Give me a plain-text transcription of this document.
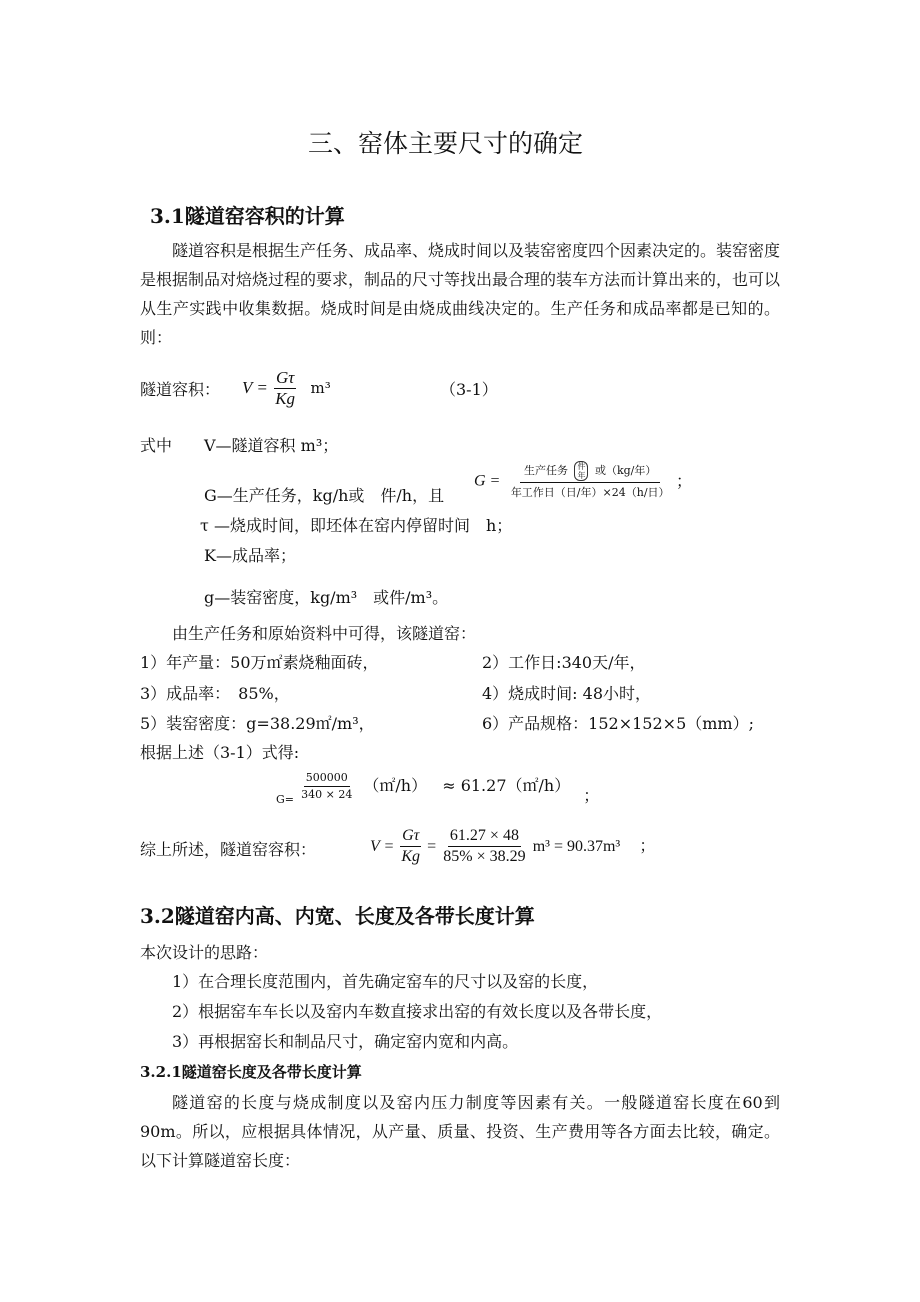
三、窑体主要尺寸的确定
3.1隧道窑容积的计算
隧道容积是根据生产任务、成品率、烧成时间以及装窑密度四个因素决定的。装窑密度是根据制品对焙烧过程的要求，制品的尺寸等找出最合理的装车方法而计算出来的，也可以从生产实践中收集数据。烧成时间是由烧成曲线决定的。生产任务和成品率都是已知的。则：
隧道容积： $V = \frac{G\tau}{Kg} m^3$	（3-1）
式中 V—隧道容积 m³；
G—生产任务，kg/h或　件/h，且
G = 生产任务 件
年 或（kg/年）
年工作日（日/年）×24（h/日） ；
τ —烧成时间，即坯体在窑内停留时间　h；
K—成品率；
g—装窑密度，kg/m³　或件/m³。
由生产任务和原始资料中可得，该隧道窑：
1）年产量：50万㎡素烧釉面砖，	2）工作日:340天/年，
3）成品率：　85%，	4）烧成时间: 48小时，
5）装窑密度：g=38.29㎡/m³，	6）产品规格：152×152×5（mm）;
根据上述（3-1）式得:
$_{G=} \frac{500000}{340 \times 24}$ （㎡/h） ≈ 61.27（㎡/h） ；
综上所述，隧道窑容积：	$V = \frac{G\tau}{Kg} = \frac{61.27 \times 48}{85\% \times 38.29} m^3 = 90.37m^3$ ；
3.2隧道窑内高、内宽、长度及各带长度计算
本次设计的思路：
1）在合理长度范围内，首先确定窑车的尺寸以及窑的长度，
2）根据窑车车长以及窑内车数直接求出窑的有效长度以及各带长度，
3）再根据窑长和制品尺寸，确定窑内宽和内高。
3.2.1隧道窑长度及各带长度计算
隧道窑的长度与烧成制度以及窑内压力制度等因素有关。一般隧道窑长度在60到90m。所以，应根据具体情况，从产量、质量、投资、生产费用等各方面去比较，确定。以下计算隧道窑长度：
